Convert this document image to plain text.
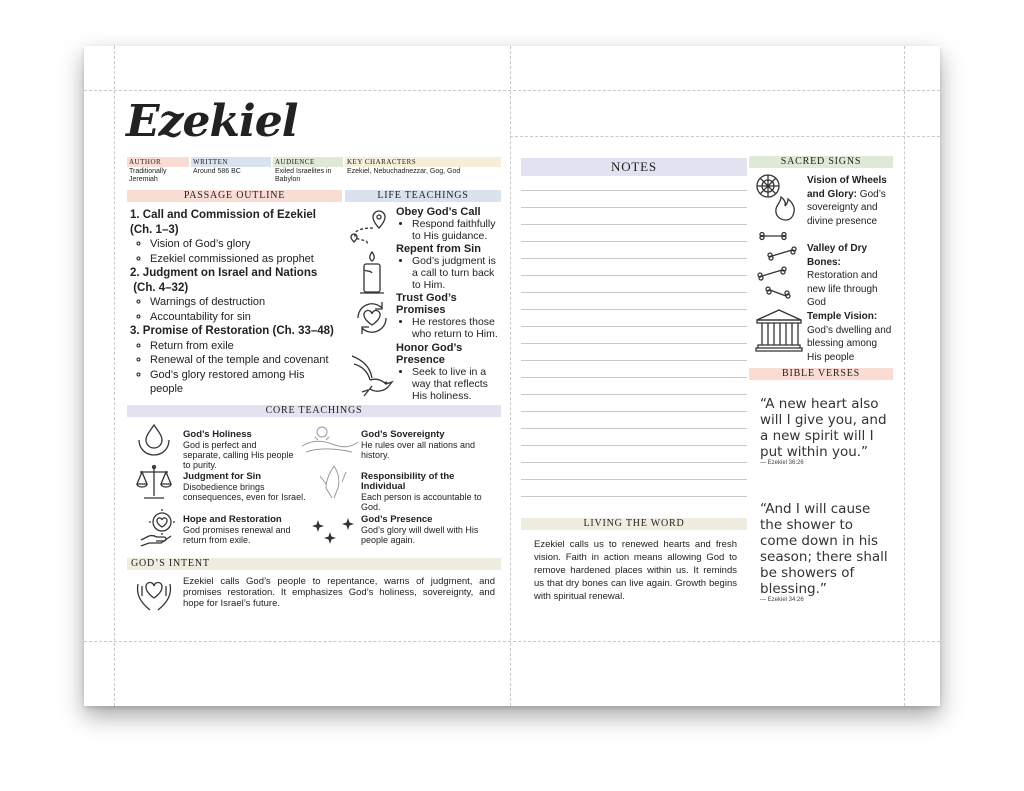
Ezekiel
AUTHOR
Traditionally Jeremiah
WRITTEN
Around 586 BC
AUDIENCE
Exiled Israelites in Babylon
KEY CHARACTERS
Ezekiel, Nebuchadnezzar, Gog, God
PASSAGE OUTLINE
1. Call and Commission of Ezekiel
(Ch. 1–3)
◦ Vision of God’s glory
◦ Ezekiel commissioned as prophet
2. Judgment on Israel and Nations
(Ch. 4–32)
◦ Warnings of destruction
◦ Accountability for sin
3. Promise of Restoration (Ch. 33–48)
◦ Return from exile
◦ Renewal of the temple and covenant
◦ God’s glory restored among His people
LIFE TEACHINGS
Obey God’s Call
• Respond faithfully to His guidance.
Repent from Sin
• God’s judgment is a call to turn back to Him.
Trust God’s Promises
• He restores those who return to Him.
Honor God’s Presence
• Seek to live in a way that reflects His holiness.
CORE TEACHINGS
God’s Holiness
God is perfect and separate, calling His people to purity.
God’s Sovereignty
He rules over all nations and history.
Judgment for Sin
Disobedience brings consequences, even for Israel.
Responsibility of the Individual
Each person is accountable to God.
Hope and Restoration
God promises renewal and return from exile.
God’s Presence
God’s glory will dwell with His people again.
GOD’S INTENT
Ezekiel calls God’s people to repentance, warns of judgment, and promises restoration. It emphasizes God’s holiness, sovereignty, and hope for Israel’s future.
NOTES
LIVING THE WORD
Ezekiel calls us to renewed hearts and fresh vision. Faith in action means allowing God to remove hardened places within us. It reminds us that dry bones can live again. Growth begins with spiritual renewal.
SACRED SIGNS
Vision of Wheels and Glory: God’s sovereignty and divine presence
Valley of Dry Bones: Restoration and new life through God
Temple Vision: God’s dwelling and blessing among His people
BIBLE VERSES
“A new heart also will I give you, and a new spirit will I put within you.”
— Ezekiel 36:26
“And I will cause the shower to come down in his season; there shall be showers of blessing.”
— Ezekiel 34:26
